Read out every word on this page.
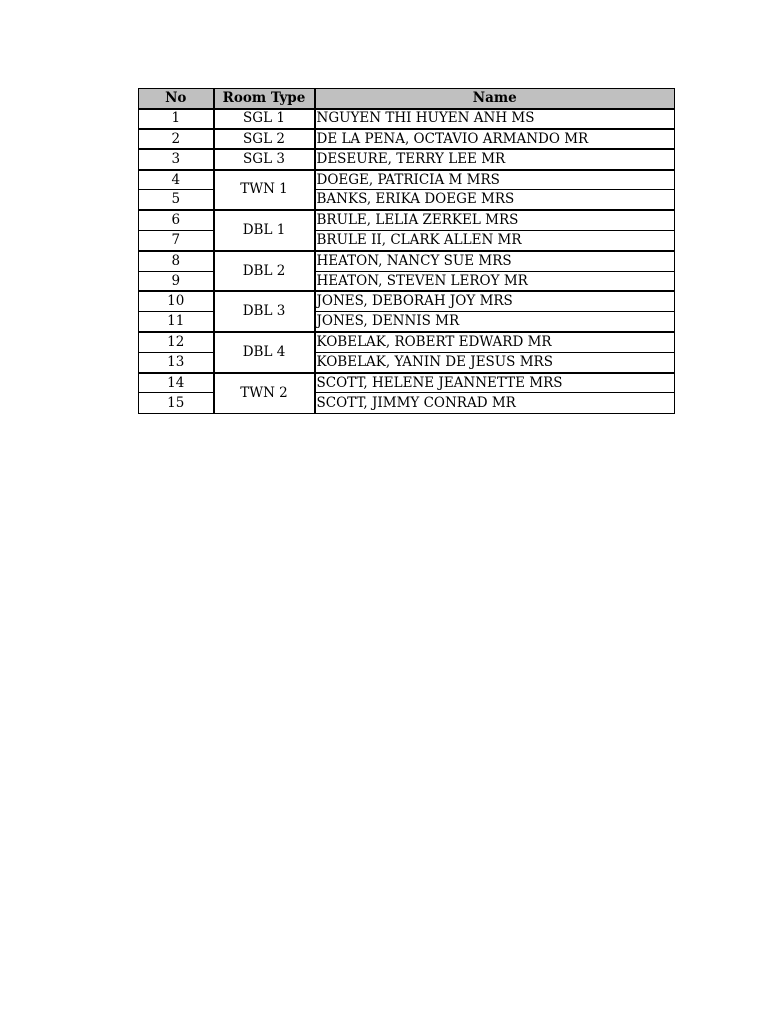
No	Room Type	Name
1	SGL 1	NGUYEN THI HUYEN ANH MS
2	SGL 2	DE LA PENA, OCTAVIO ARMANDO MR
3	SGL 3	DESEURE, TERRY LEE MR
4	TWN 1	DOEGE, PATRICIA M MRS
5		BANKS, ERIKA DOEGE MRS
6	DBL 1	BRULE, LELIA ZERKEL MRS
7		BRULE II, CLARK ALLEN MR
8	DBL 2	HEATON, NANCY SUE MRS
9		HEATON, STEVEN LEROY MR
10	DBL 3	JONES, DEBORAH JOY MRS
11		JONES, DENNIS MR
12	DBL 4	KOBELAK, ROBERT EDWARD MR
13		KOBELAK, YANIN DE JESUS MRS
14	TWN 2	SCOTT, HELENE JEANNETTE MRS
15		SCOTT, JIMMY CONRAD MR
